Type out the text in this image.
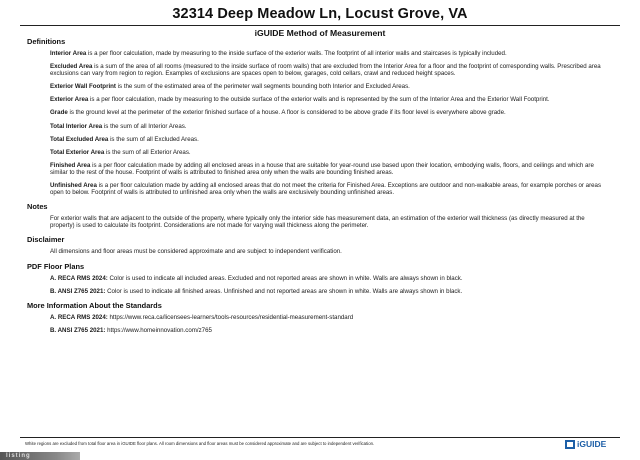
32314 Deep Meadow Ln, Locust Grove, VA
iGUIDE Method of Measurement
Definitions
Interior Area is a per floor calculation, made by measuring to the inside surface of the exterior walls. The footprint of all interior walls and staircases is typically included.
Excluded Area is a sum of the area of all rooms (measured to the inside surface of room walls) that are excluded from the Interior Area for a floor and the footprint of corresponding walls. Prescribed area exclusions can vary from region to region. Examples of exclusions are spaces open to below, garages, cold cellars, crawl and reduced height spaces.
Exterior Wall Footprint is the sum of the estimated area of the perimeter wall segments bounding both Interior and Excluded Areas.
Exterior Area is a per floor calculation, made by measuring to the outside surface of the exterior walls and is represented by the sum of the Interior Area and the Exterior Wall Footprint.
Grade is the ground level at the perimeter of the exterior finished surface of a house. A floor is considered to be above grade if its floor level is everywhere above grade.
Total Interior Area is the sum of all Interior Areas.
Total Excluded Area is the sum of all Excluded Areas.
Total Exterior Area is the sum of all Exterior Areas.
Finished Area is a per floor calculation made by adding all enclosed areas in a house that are suitable for year-round use based upon their location, embodying walls, floors, and ceilings and which are similar to the rest of the house. Footprint of walls is attributed to finished area only when the walls are bounding finished areas.
Unfinished Area is a per floor calculation made by adding all enclosed areas that do not meet the criteria for Finished Area. Exceptions are outdoor and non-walkable areas, for example porches or areas open to below. Footprint of walls is attributed to unfinished area only when the walls are exclusively bounding unfinished areas.
Notes
For exterior walls that are adjacent to the outside of the property, where typically only the interior side has measurement data, an estimation of the exterior wall thickness (as directly measured at the property) is used to calculate its footprint. Considerations are not made for varying wall thickness along the perimeter.
Disclaimer
All dimensions and floor areas must be considered approximate and are subject to independent verification.
PDF Floor Plans
A. RECA RMS 2024: Color is used to indicate all included areas. Excluded and not reported areas are shown in white. Walls are always shown in black.
B. ANSI Z765 2021: Color is used to indicate all finished areas. Unfinished and not reported areas are shown in white. Walls are always shown in black.
More Information About the Standards
A. RECA RMS 2024: https://www.reca.ca/licensees-learners/tools-resources/residential-measurement-standard
B. ANSI Z765 2021: https://www.homeinnovation.com/z765
White regions are excluded from total floor area in iGUIDE floor plans. All room dimensions and floor areas must be considered approximate and are subject to independent verification.	iGUIDE
listing
